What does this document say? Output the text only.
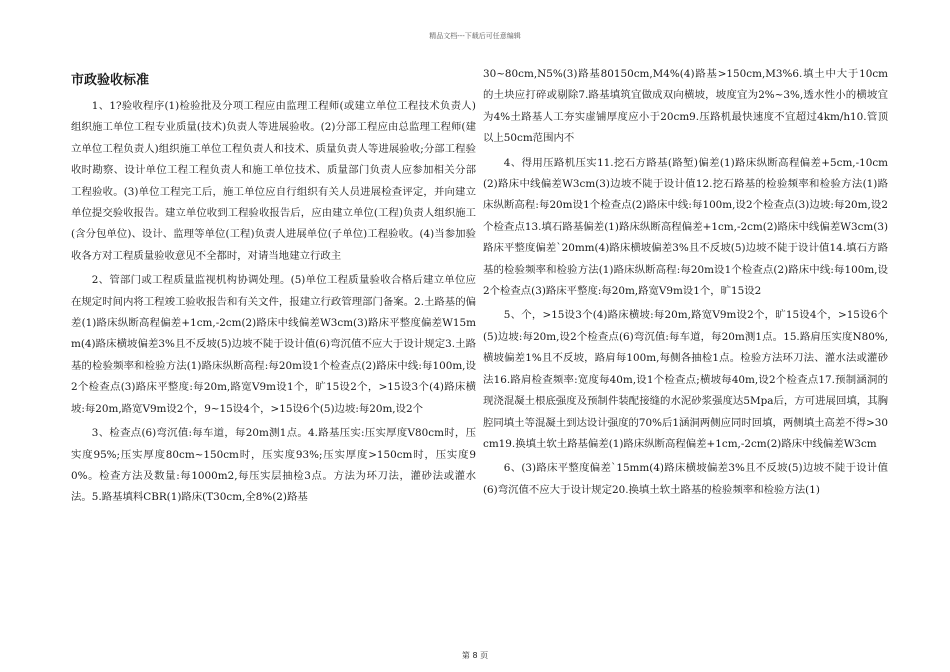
精品文档---下载后可任意编辑
市政验收标准

1、1?验收程序(1)检验批及分项工程应由监理工程师(或建立单位工程技术负责人)组织施工单位工程专业质量(技术)负责人等进展验收。(2)分部工程应由总监理工程师(建立单位工程负责人)组织施工单位工程负责人和技术、质量负责人等进展验收;分部工程验收时勘察、设计单位工程工程负责人和施工单位技术、质量部门负责人应参加相关分部工程验收。(3)单位工程完工后，施工单位应自行组织有关人员进展检查评定，并向建立单位提交验收报告。建立单位收到工程验收报告后，应由建立单位(工程)负责人组织施工(含分包单位)、设计、监理等单位(工程)负责人进展单位(子单位)工程验收。(4)当参加验收各方对工程质量验收意见不全都时，对请当地建立行政主

2、管部门或工程质量监视机构协调处理。(5)单位工程质量验收合格后建立单位应在规定时间内将工程竣工验收报告和有关文件，报建立行政管理部门备案。2.土路基的偏差(1)路床纵断高程偏差+1cm,-2cm(2)路床中线偏差W3cm(3)路床平整度偏差W15mm(4)路床横坡偏差3%且不反坡(5)边坡不陡于设计值(6)弯沉值不应大于设计规定3.土路基的检验频率和检验方法(1)路床纵断高程:每20m设1个检查点(2)路床中线:每100m,设2个检查点(3)路床平整度:每20m,路宽V9m设1个，旷15设2个，>15设3个(4)路床横坡:每20m,路宽V9m设2个，9~15设4个，>15设6个(5)边坡:每20m,设2个

3、检查点(6)弯沉值:每车道，每20m测1点。4.路基压实:压实厚度V80cm时，压实度95%;压实厚度80cm~150cm时，压实度93%;压实厚度>150cm时，压实度90%。检查方法及数量:每1000m2,每压实层抽检3点。方法为环刀法，灌砂法或灌水法。5.路基填料CBR(1)路床(T30cm,全8%(2)路基

30~80cm,N5%(3)路基80150cm,M4%(4)路基>150cm,M3%6.填土中大于10cm的土块应打碎或剔除7.路基填筑宜做成双向横坡，坡度宜为2%~3%,透水性小的横坡宜为4%土路基人工夯实虚铺厚度应小于20cm9.压路机最快速度不宜超过4km/h10.管顶以上50cm范围内不

4、得用压路机压实11.挖石方路基(路堑)偏差(1)路床纵断高程偏差+5cm,-10cm(2)路床中线偏差W3cm(3)边坡不陡于设计值12.挖石路基的检验频率和检验方法(1)路床纵断高程:每20m设1个检查点(2)路床中线:每100m,设2个检查点(3)边坡:每20m,设2个检查点13.填石路基偏差(1)路床纵断高程偏差+1cm,-2cm(2)路床中线偏差W3cm(3)路床平整度偏差`20mm(4)路床横坡偏差3%且不反坡(5)边坡不陡于设计值14.填石方路基的检验频率和检验方法(1)路床纵断高程:每20m设1个检查点(2)路床中线:每100m,设2个检查点(3)路床平整度:每20m,路宽V9m设1个，旷15设2

5、个，>15设3个(4)路床横坡:每20m,路宽V9m设2个，旷15设4个，>15设6个(5)边坡:每20m,设2个检查点(6)弯沉值:每车道，每20m测1点。15.路肩压实度N80%,横坡偏差1%且不反坡，路肩每100m,每侧各抽检1点。检验方法环刀法、灌水法或灌砂法16.路肩检查频率:宽度每40m,设1个检查点;横坡每40m,设2个检查点17.预制涵洞的现浇混凝土根底强度及预制件装配接缝的水泥砂浆强度达5Mpa后，方可进展回填，其胸腔同填土等混凝土到达设计强度的70%后1涵洞两侧应同时回填，两侧填土高差不得>30cm19.换填土软土路基偏差(1)路床纵断高程偏差+1cm,-2cm(2)路床中线偏差W3cm

6、(3)路床平整度偏差`15mm(4)路床横坡偏差3%且不反坡(5)边坡不陡于设计值(6)弯沉值不应大于设计规定20.换填土软土路基的检验频率和检验方法(1)

第 8 页
